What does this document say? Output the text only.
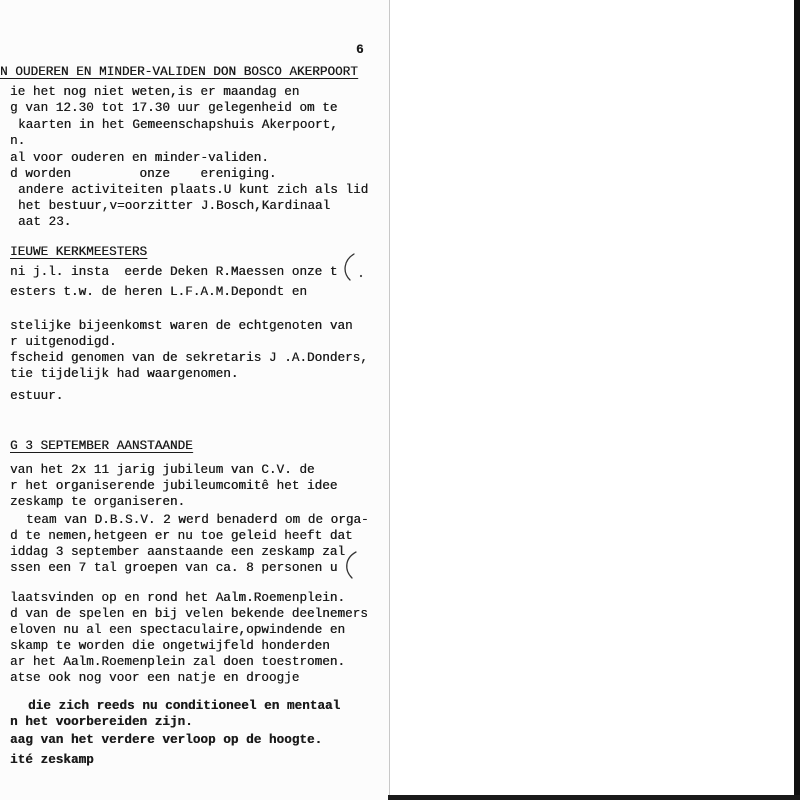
6
N OUDEREN EN MINDER-VALIDEN DON BOSCO AKERPOORT
ie het nog niet weten,is er maandag en
g van 12.30 tot 17.30 uur gelegenheid om te
kaarten in het Gemeenschapshuis Akerpoort,
n.
al voor ouderen en minder-validen.
d worden         onze    ereniging.
andere activiteiten plaats.U kunt zich als lid
het bestuur,v=oorzitter J.Bosch,Kardinaal
aat 23.
IEUWE KERKMEESTERS
ni j.l. insta  eerde Deken R.Maessen onze t
esters t.w. de heren L.F.A.M.Depondt en
stelijke bijeenkomst waren de echtgenoten van
r uitgenodigd.
fscheid genomen van de sekretaris J .A.Donders,
tie tijdelijk had waargenomen.
estuur.
G 3 SEPTEMBER AANSTAANDE
van het 2x 11 jarig jubileum van C.V. de
r het organiserende jubileumcomitê het idee
zeskamp te organiseren.
team van D.B.S.V. 2 werd benaderd om de orga-
d te nemen,hetgeen er nu toe geleid heeft dat
iddag 3 september aanstaande een zeskamp zal
ssen een 7 tal groepen van ca. 8 personen u
laatsvinden op en rond het Aalm.Roemenplein.
d van de spelen en bij velen bekende deelnemers
eloven nu al een spectaculaire,opwindende en
skamp te worden die ongetwijfeld honderden
ar het Aalm.Roemenplein zal doen toestromen.
atse ook nog voor een natje en droogje
die zich reeds nu conditioneel en mentaal
n het voorbereiden zijn.
aag van het verdere verloop op de hoogte.
ité zeskamp
